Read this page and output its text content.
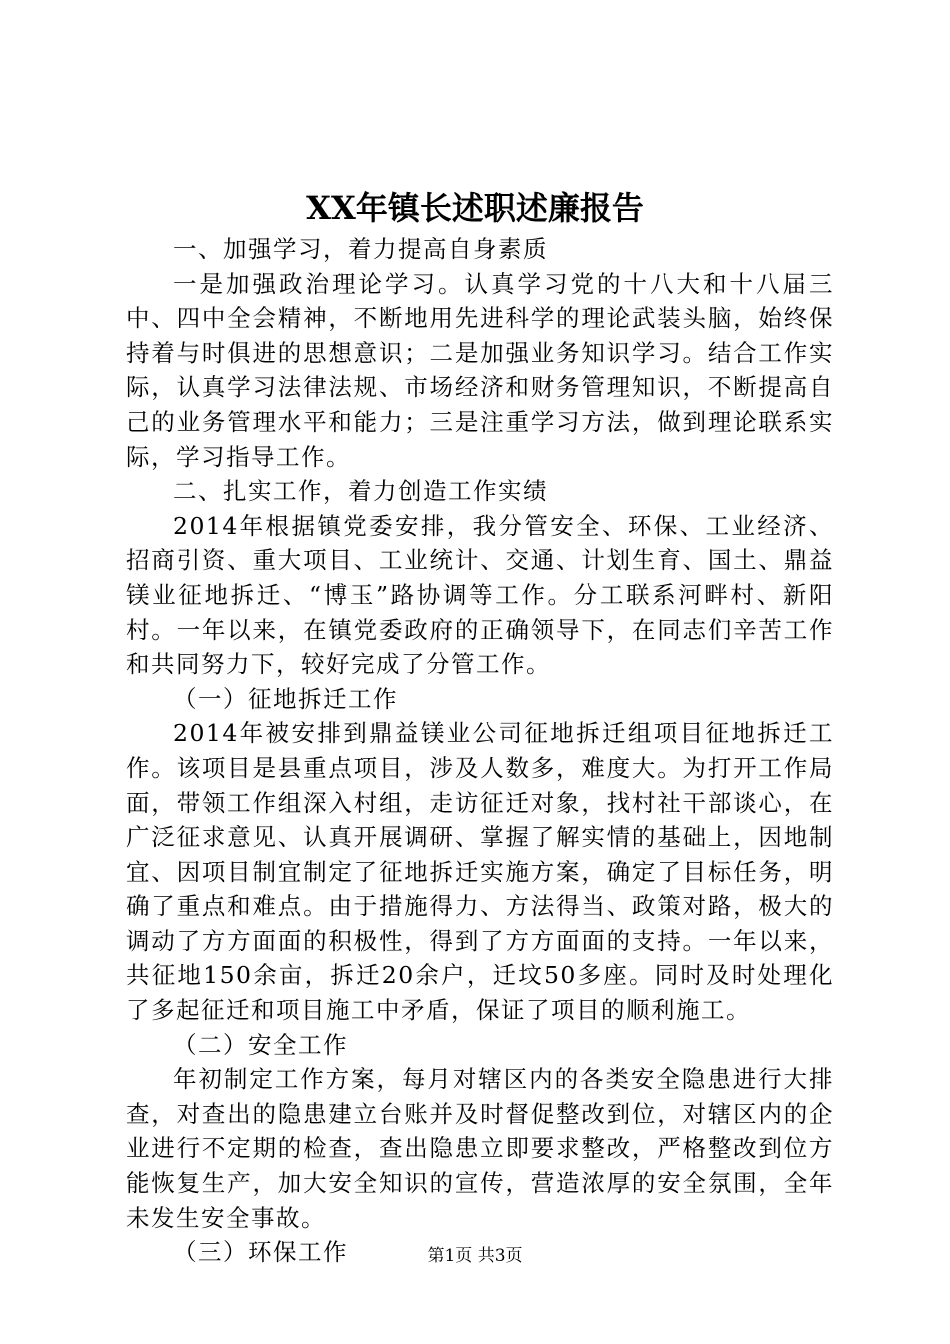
XX年镇长述职述廉报告

一、加强学习，着力提高自身素质

一是加强政治理论学习。认真学习党的十八大和十八届三中、四中全会精神，不断地用先进科学的理论武装头脑，始终保持着与时俱进的思想意识；二是加强业务知识学习。结合工作实际，认真学习法律法规、市场经济和财务管理知识，不断提高自己的业务管理水平和能力；三是注重学习方法，做到理论联系实际，学习指导工作。

二、扎实工作，着力创造工作实绩

2014年根据镇党委安排，我分管安全、环保、工业经济、招商引资、重大项目、工业统计、交通、计划生育、国土、鼎益镁业征地拆迁、“博玉”路协调等工作。分工联系河畔村、新阳村。一年以来，在镇党委政府的正确领导下，在同志们辛苦工作和共同努力下，较好完成了分管工作。

（一）征地拆迁工作

2014年被安排到鼎益镁业公司征地拆迁组项目征地拆迁工作。该项目是县重点项目，涉及人数多，难度大。为打开工作局面，带领工作组深入村组，走访征迁对象，找村社干部谈心，在广泛征求意见、认真开展调研、掌握了解实情的基础上，因地制宜、因项目制宜制定了征地拆迁实施方案，确定了目标任务，明确了重点和难点。由于措施得力、方法得当、政策对路，极大的调动了方方面面的积极性，得到了方方面面的支持。一年以来，共征地150余亩，拆迁20余户，迁坟50多座。同时及时处理化了多起征迁和项目施工中矛盾，保证了项目的顺利施工。

（二）安全工作

年初制定工作方案，每月对辖区内的各类安全隐患进行大排查，对查出的隐患建立台账并及时督促整改到位，对辖区内的企业进行不定期的检查，查出隐患立即要求整改，严格整改到位方能恢复生产，加大安全知识的宣传，营造浓厚的安全氛围，全年未发生安全事故。

（三）环保工作	第1页 共3页
